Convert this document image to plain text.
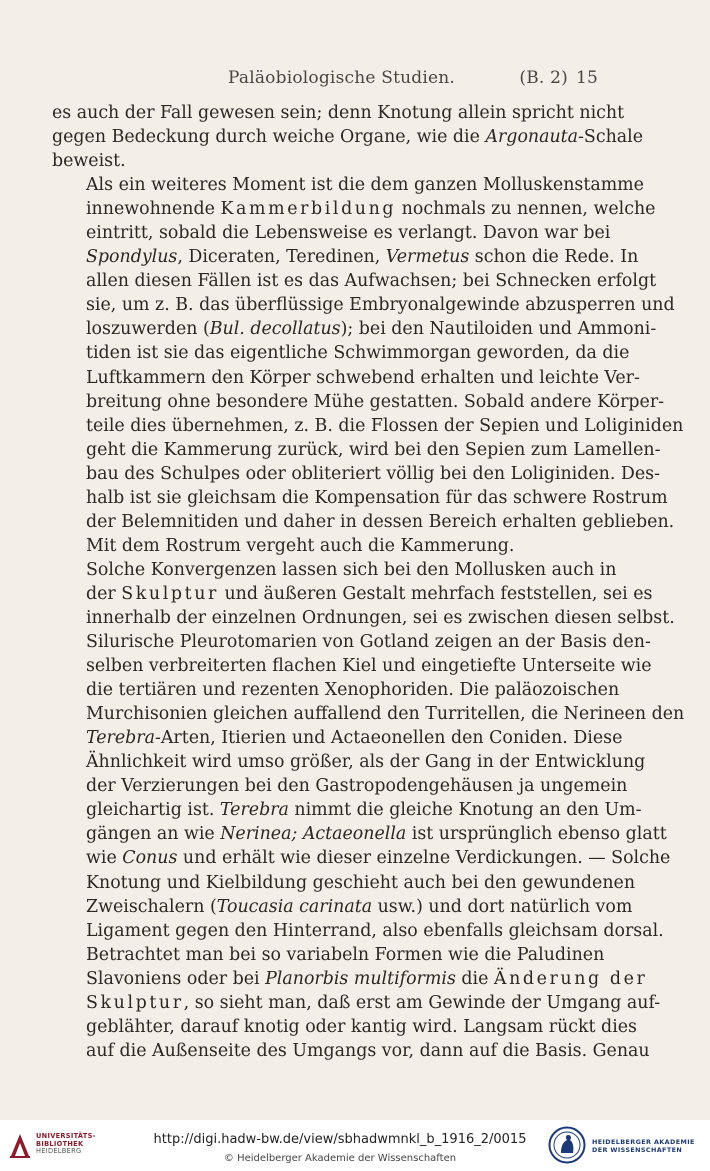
Paläobiologische Studien.	(B. 2) 15

es auch der Fall gewesen sein; denn Knotung allein spricht nicht
gegen Bedeckung durch weiche Organe, wie die Argonauta-Schale
beweist.

Als ein weiteres Moment ist die dem ganzen Molluskenstamme
innewohnende Kammerbildung nochmals zu nennen, welche
eintritt, sobald die Lebensweise es verlangt. Davon war bei
Spondylus, Diceraten, Teredinen, Vermetus schon die Rede. In
allen diesen Fällen ist es das Aufwachsen; bei Schnecken erfolgt
sie, um z. B. das überflüssige Embryonalgewinde abzusperren und
loszuwerden (Bul. decollatus); bei den Nautiloiden und Ammoni-
tiden ist sie das eigentliche Schwimmorgan geworden, da die
Luftkammern den Körper schwebend erhalten und leichte Ver-
breitung ohne besondere Mühe gestatten. Sobald andere Körper-
teile dies übernehmen, z. B. die Flossen der Sepien und Loliginiden
geht die Kammerung zurück, wird bei den Sepien zum Lamellen-
bau des Schulpes oder obliteriert völlig bei den Loliginiden. Des-
halb ist sie gleichsam die Kompensation für das schwere Rostrum
der Belemnitiden und daher in dessen Bereich erhalten geblieben.
Mit dem Rostrum vergeht auch die Kammerung.

Solche Konvergenzen lassen sich bei den Mollusken auch in
der Skulptur und äußeren Gestalt mehrfach feststellen, sei es
innerhalb der einzelnen Ordnungen, sei es zwischen diesen selbst.
Silurische Pleurotomarien von Gotland zeigen an der Basis den-
selben verbreiterten flachen Kiel und eingetiefte Unterseite wie
die tertiären und rezenten Xenophoriden. Die paläozoischen
Murchisonien gleichen auffallend den Turritellen, die Nerineen den
Terebra-Arten, Itierien und Actaeonellen den Coniden. Diese
Ähnlichkeit wird umso größer, als der Gang in der Entwicklung
der Verzierungen bei den Gastropodengehäusen ja ungemein
gleichartig ist. Terebra nimmt die gleiche Knotung an den Um-
gängen an wie Nerinea; Actaeonella ist ursprünglich ebenso glatt
wie Conus und erhält wie dieser einzelne Verdickungen. — Solche
Knotung und Kielbildung geschieht auch bei den gewundenen
Zweischalern (Toucasia carinata usw.) und dort natürlich vom
Ligament gegen den Hinterrand, also ebenfalls gleichsam dorsal.

Betrachtet man bei so variabeln Formen wie die Paludinen
Slavoniens oder bei Planorbis multiformis die Änderung der
Skulptur, so sieht man, daß erst am Gewinde der Umgang auf-
geblähter, darauf knotig oder kantig wird. Langsam rückt dies
auf die Außenseite des Umgangs vor, dann auf die Basis. Genau

UNIVERSITÄTS-
BIBLIOTHEK
HEIDELBERG
http://digi.hadw-bw.de/view/sbhadwmnkl_b_1916_2/0015
© Heidelberger Akademie der Wissenschaften
HEIDELBERGER AKADEMIE
DER WISSENSCHAFTEN
